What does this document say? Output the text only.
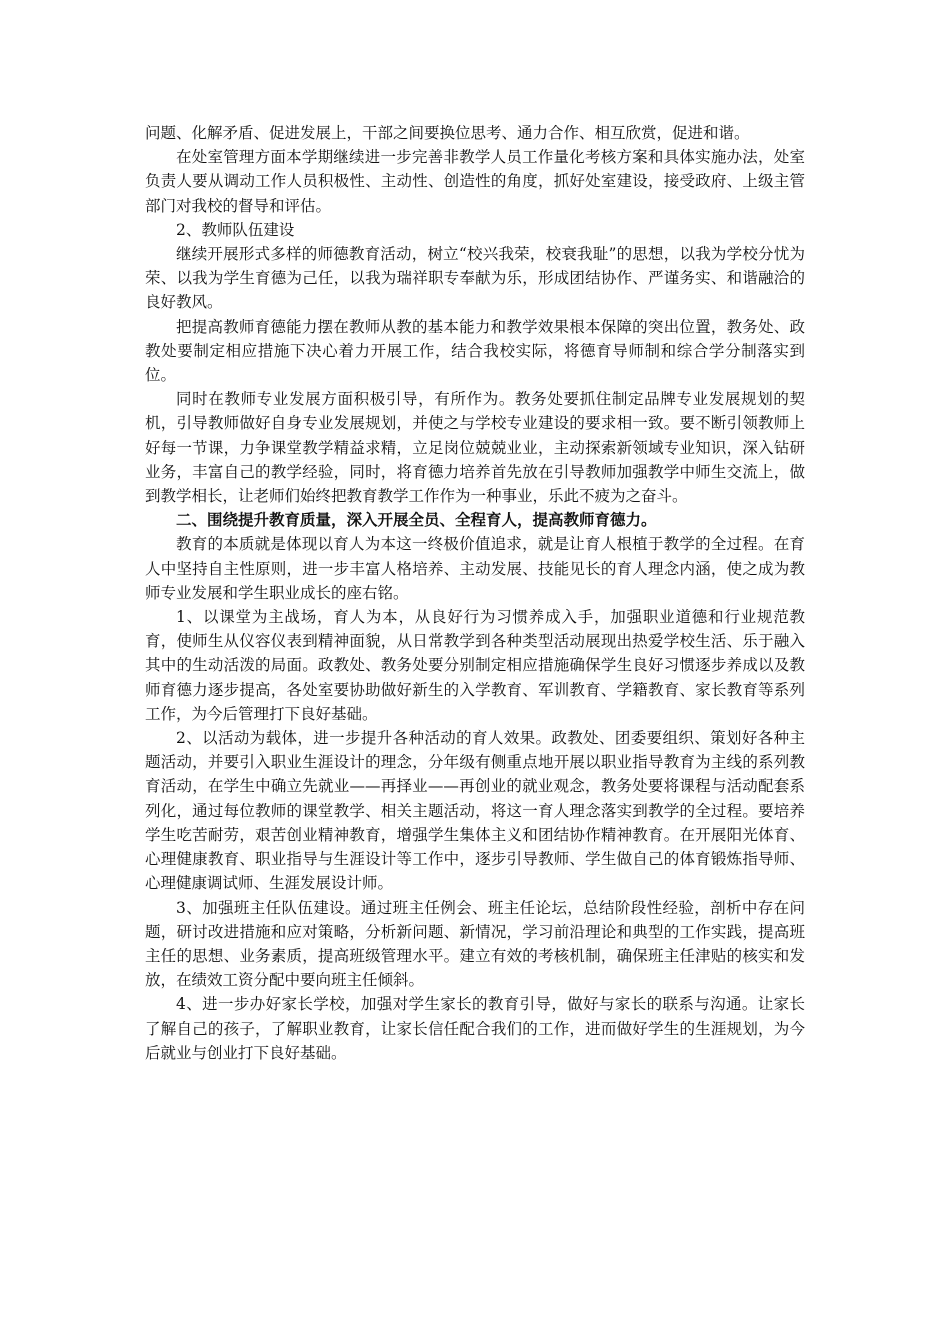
问题、化解矛盾、促进发展上，干部之间要换位思考、通力合作、相互欣赏，促进和谐。

在处室管理方面本学期继续进一步完善非教学人员工作量化考核方案和具体实施办法，处室负责人要从调动工作人员积极性、主动性、创造性的角度，抓好处室建设，接受政府、上级主管部门对我校的督导和评估。

2、教师队伍建设

继续开展形式多样的师德教育活动，树立“校兴我荣，校衰我耻”的思想，以我为学校分忧为荣、以我为学生育德为己任，以我为瑞祥职专奉献为乐，形成团结协作、严谨务实、和谐融洽的良好教风。

把提高教师育德能力摆在教师从教的基本能力和教学效果根本保障的突出位置，教务处、政教处要制定相应措施下决心着力开展工作，结合我校实际，将德育导师制和综合学分制落实到位。

同时在教师专业发展方面积极引导，有所作为。教务处要抓住制定品牌专业发展规划的契机，引导教师做好自身专业发展规划，并使之与学校专业建设的要求相一致。要不断引领教师上好每一节课，力争课堂教学精益求精，立足岗位兢兢业业，主动探索新领域专业知识，深入钻研业务，丰富自己的教学经验，同时，将育德力培养首先放在引导教师加强教学中师生交流上，做到教学相长，让老师们始终把教育教学工作作为一种事业，乐此不疲为之奋斗。

二、围绕提升教育质量，深入开展全员、全程育人，提高教师育德力。

教育的本质就是体现以育人为本这一终极价值追求，就是让育人根植于教学的全过程。在育人中坚持自主性原则，进一步丰富人格培养、主动发展、技能见长的育人理念内涵，使之成为教师专业发展和学生职业成长的座右铭。

1、以课堂为主战场，育人为本，从良好行为习惯养成入手，加强职业道德和行业规范教育，使师生从仪容仪表到精神面貌，从日常教学到各种类型活动展现出热爱学校生活、乐于融入其中的生动活泼的局面。政教处、教务处要分别制定相应措施确保学生良好习惯逐步养成以及教师育德力逐步提高，各处室要协助做好新生的入学教育、军训教育、学籍教育、家长教育等系列工作，为今后管理打下良好基础。

2、以活动为载体，进一步提升各种活动的育人效果。政教处、团委要组织、策划好各种主题活动，并要引入职业生涯设计的理念，分年级有侧重点地开展以职业指导教育为主线的系列教育活动，在学生中确立先就业——再择业——再创业的就业观念，教务处要将课程与活动配套系列化，通过每位教师的课堂教学、相关主题活动，将这一育人理念落实到教学的全过程。要培养学生吃苦耐劳，艰苦创业精神教育，增强学生集体主义和团结协作精神教育。在开展阳光体育、心理健康教育、职业指导与生涯设计等工作中，逐步引导教师、学生做自己的体育锻炼指导师、心理健康调试师、生涯发展设计师。

3、加强班主任队伍建设。通过班主任例会、班主任论坛，总结阶段性经验，剖析中存在问题，研讨改进措施和应对策略，分析新问题、新情况，学习前沿理论和典型的工作实践，提高班主任的思想、业务素质，提高班级管理水平。建立有效的考核机制，确保班主任津贴的核实和发放，在绩效工资分配中要向班主任倾斜。

4、进一步办好家长学校，加强对学生家长的教育引导，做好与家长的联系与沟通。让家长了解自己的孩子，了解职业教育，让家长信任配合我们的工作，进而做好学生的生涯规划，为今后就业与创业打下良好基础。
